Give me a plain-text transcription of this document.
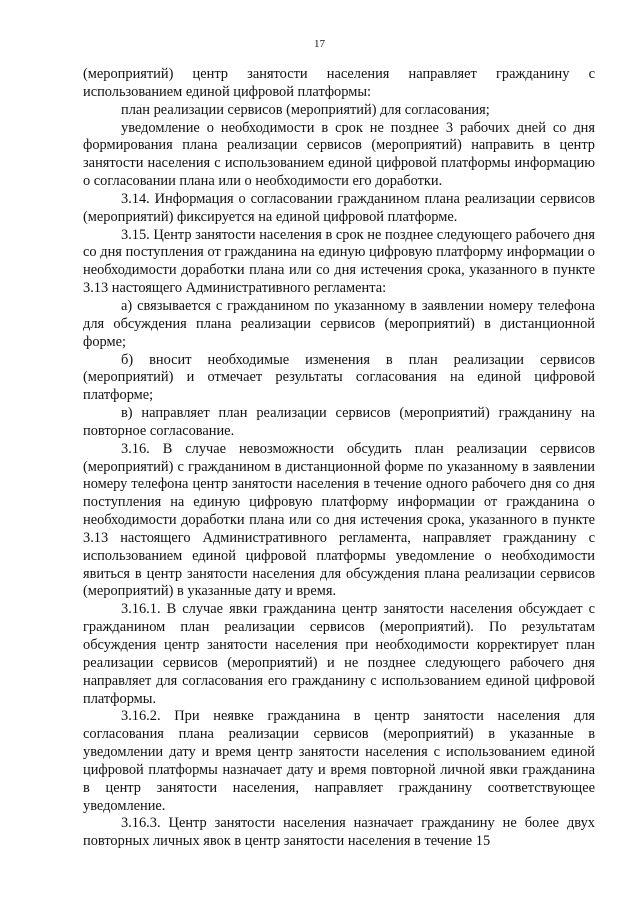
17

(мероприятий) центр занятости населения направляет гражданину с использованием единой цифровой платформы:

план реализации сервисов (мероприятий) для согласования;

уведомление о необходимости в срок не позднее 3 рабочих дней со дня формирования плана реализации сервисов (мероприятий) направить в центр занятости населения с использованием единой цифровой платформы информацию о согласовании плана или о необходимости его доработки.

3.14. Информация о согласовании гражданином плана реализации сервисов (мероприятий) фиксируется на единой цифровой платформе.

3.15. Центр занятости населения в срок не позднее следующего рабочего дня со дня поступления от гражданина на единую цифровую платформу информации о необходимости доработки плана или со дня истечения срока, указанного в пункте 3.13 настоящего Административного регламента:

а) связывается с гражданином по указанному в заявлении номеру телефона для обсуждения плана реализации сервисов (мероприятий) в дистанционной форме;

б) вносит необходимые изменения в план реализации сервисов (мероприятий) и отмечает результаты согласования на единой цифровой платформе;

в) направляет план реализации сервисов (мероприятий) гражданину на повторное согласование.

3.16. В случае невозможности обсудить план реализации сервисов (мероприятий) с гражданином в дистанционной форме по указанному в заявлении номеру телефона центр занятости населения в течение одного рабочего дня со дня поступления на единую цифровую платформу информации от гражданина о необходимости доработки плана или со дня истечения срока, указанного в пункте 3.13 настоящего Административного регламента, направляет гражданину с использованием единой цифровой платформы уведомление о необходимости явиться в центр занятости населения для обсуждения плана реализации сервисов (мероприятий) в указанные дату и время.

3.16.1. В случае явки гражданина центр занятости населения обсуждает с гражданином план реализации сервисов (мероприятий). По результатам обсуждения центр занятости населения при необходимости корректирует план реализации сервисов (мероприятий) и не позднее следующего рабочего дня направляет для согласования его гражданину с использованием единой цифровой платформы.

3.16.2. При неявке гражданина в центр занятости населения для согласования плана реализации сервисов (мероприятий) в указанные в уведомлении дату и время центр занятости населения с использованием единой цифровой платформы назначает дату и время повторной личной явки гражданина в центр занятости населения, направляет гражданину соответствующее уведомление.

3.16.3. Центр занятости населения назначает гражданину не более двух повторных личных явок в центр занятости населения в течение 15
